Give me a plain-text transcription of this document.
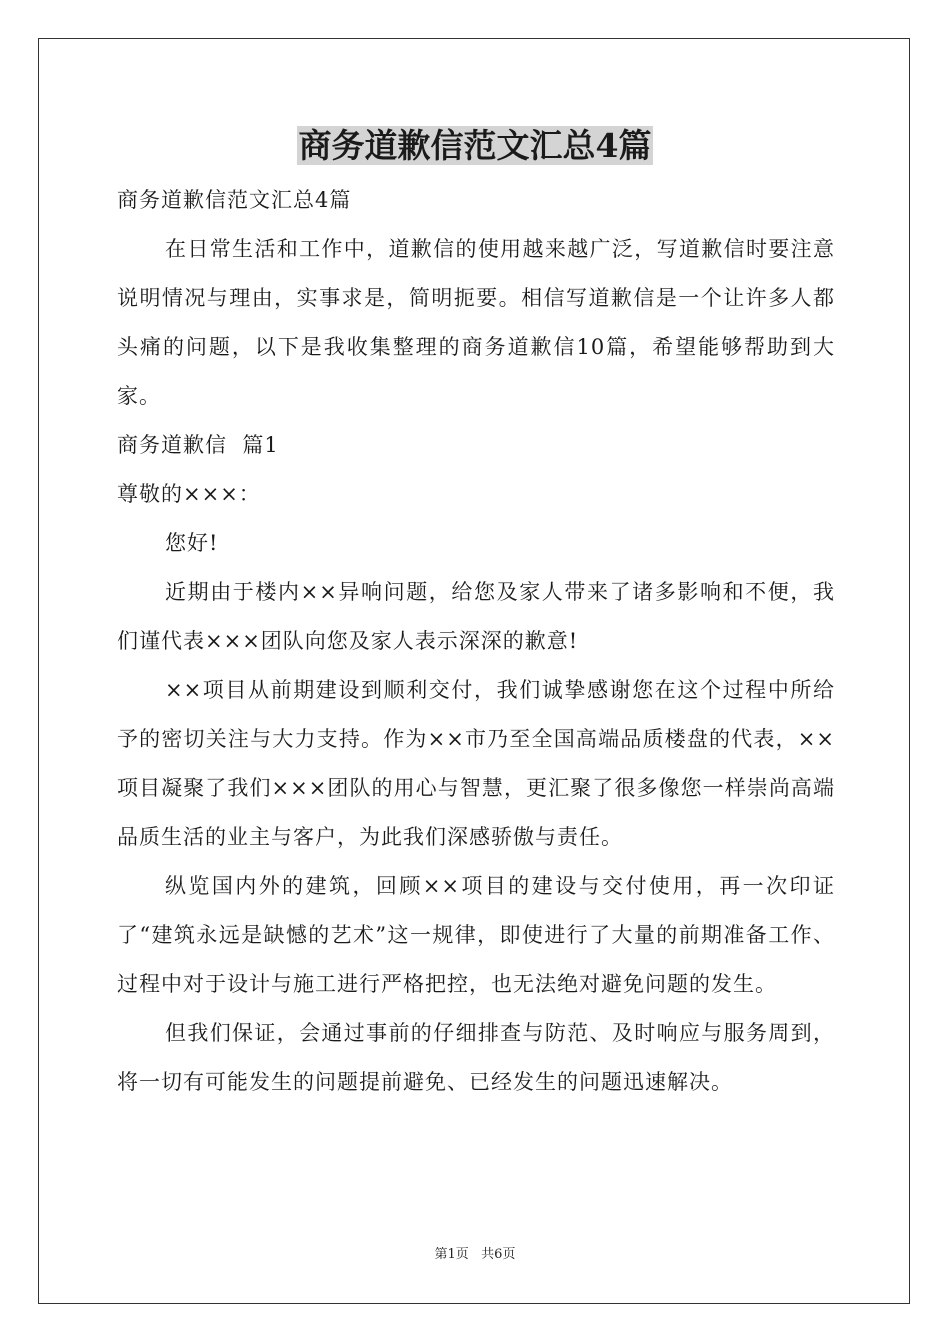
商务道歉信范文汇总4篇

商务道歉信范文汇总4篇

在日常生活和工作中，道歉信的使用越来越广泛，写道歉信时要注意说明情况与理由，实事求是，简明扼要。相信写道歉信是一个让许多人都头痛的问题，以下是我收集整理的商务道歉信10篇，希望能够帮助到大家。

商务道歉信  篇1

尊敬的×××：

您好!

近期由于楼内××异响问题，给您及家人带来了诸多影响和不便，我们谨代表×××团队向您及家人表示深深的歉意!

××项目从前期建设到顺利交付，我们诚挚感谢您在这个过程中所给予的密切关注与大力支持。作为××市乃至全国高端品质楼盘的代表，××项目凝聚了我们×××团队的用心与智慧，更汇聚了很多像您一样崇尚高端品质生活的业主与客户，为此我们深感骄傲与责任。

纵览国内外的建筑，回顾××项目的建设与交付使用，再一次印证了“建筑永远是缺憾的艺术”这一规律，即使进行了大量的前期准备工作、过程中对于设计与施工进行严格把控，也无法绝对避免问题的发生。

但我们保证，会通过事前的仔细排查与防范、及时响应与服务周到，将一切有可能发生的问题提前避免、已经发生的问题迅速解决。

第1页   共6页
